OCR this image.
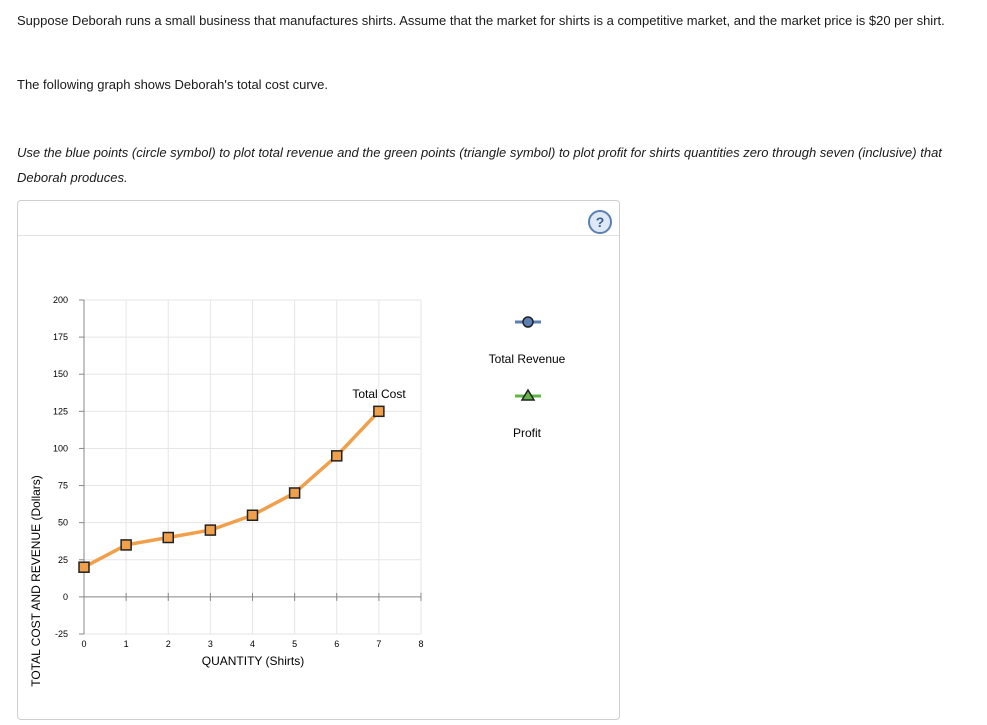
Suppose Deborah runs a small business that manufactures shirts. Assume that the market for shirts is a competitive market, and the market price is $20 per shirt.

The following graph shows Deborah's total cost curve.

Use the blue points (circle symbol) to plot total revenue and the green points (triangle symbol) to plot profit for shirts quantities zero through seven (inclusive) that Deborah produces.

?
-25
0
25
50
75
100
125
150
175
200
0	1	2	3	4	5	6	7	8
TOTAL COST AND REVENUE (Dollars)	QUANTITY (Shirts)
Total Cost
Total Revenue
Profit
